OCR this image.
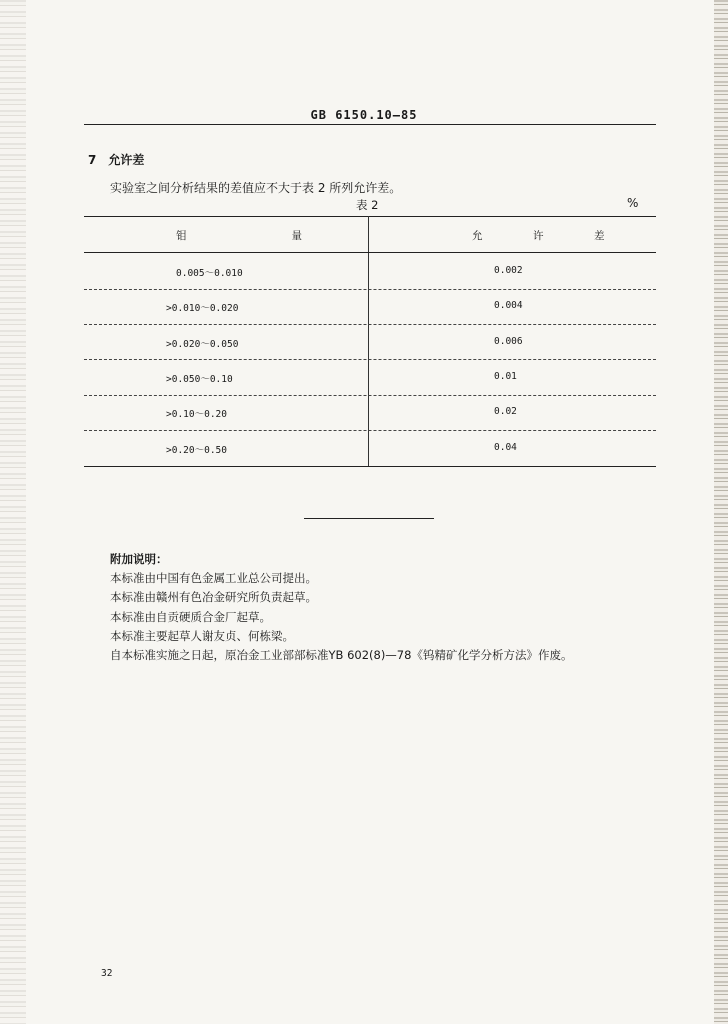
GB 6150.10—85
7 允许差
实验室之间分析结果的差值应不大于表 2 所列允许差。
表 2	%
钼　　量	允　许　差
0.005～0.010	0.002
>0.010～0.020	0.004
>0.020～0.050	0.006
>0.050～0.10	0.01
>0.10～0.20	0.02
>0.20～0.50	0.04
附加说明：
本标准由中国有色金属工业总公司提出。
本标准由赣州有色冶金研究所负责起草。
本标准由自贡硬质合金厂起草。
本标准主要起草人谢友贞、何栋梁。
自本标准实施之日起，原冶金工业部部标准YB 602(8)—78《钨精矿化学分析方法》作废。
32
